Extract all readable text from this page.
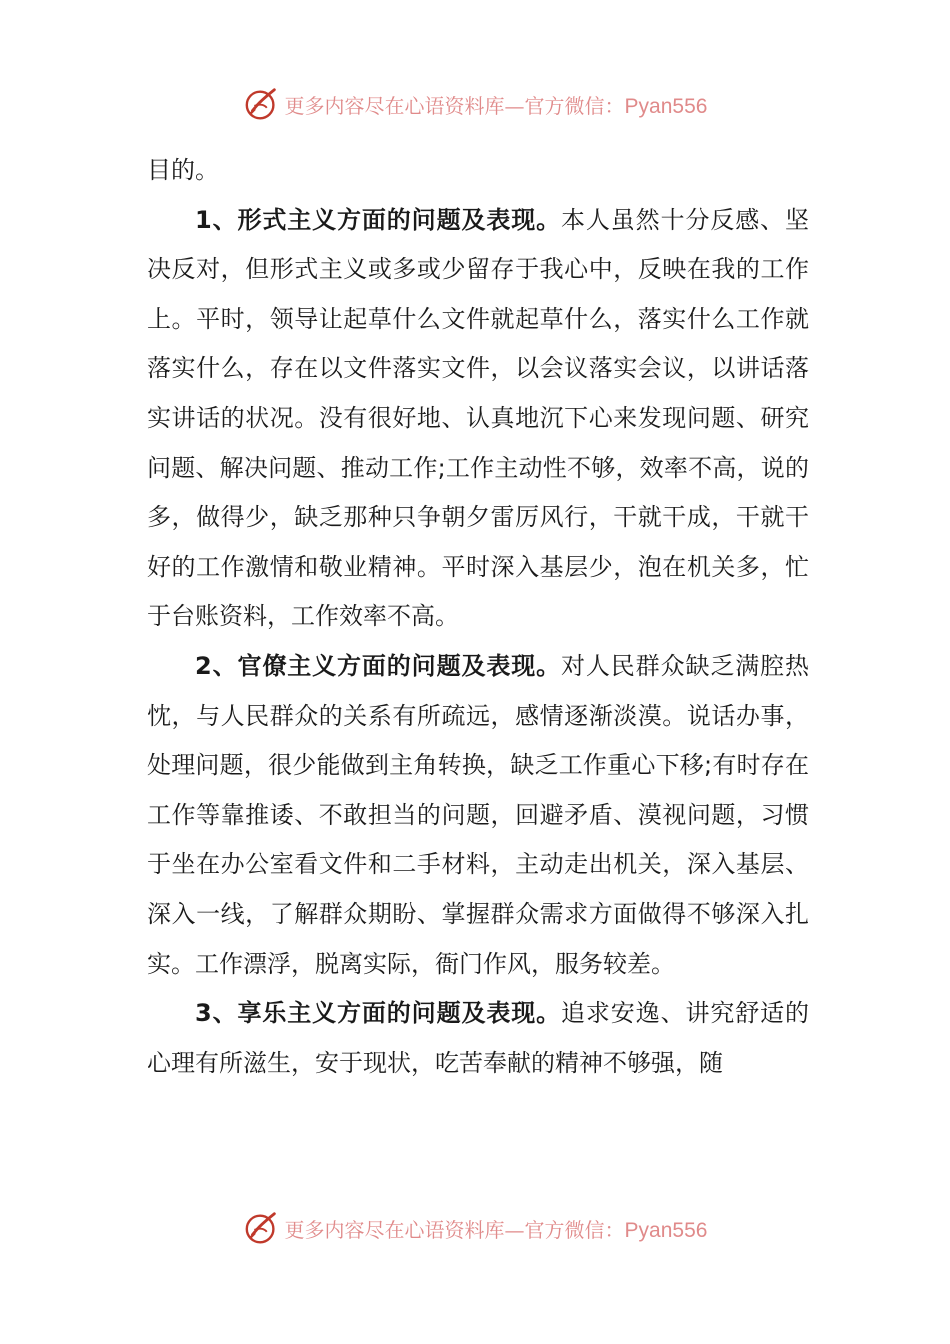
更多内容尽在心语资料库—官方微信：Pyan556

目的。

1、形式主义方面的问题及表现。本人虽然十分反感、坚决反对，但形式主义或多或少留存于我心中，反映在我的工作上。平时，领导让起草什么文件就起草什么，落实什么工作就落实什么，存在以文件落实文件，以会议落实会议，以讲话落实讲话的状况。没有很好地、认真地沉下心来发现问题、研究问题、解决问题、推动工作;工作主动性不够，效率不高，说的多，做得少，缺乏那种只争朝夕雷厉风行，干就干成，干就干好的工作激情和敬业精神。平时深入基层少，泡在机关多，忙于台账资料，工作效率不高。

2、官僚主义方面的问题及表现。对人民群众缺乏满腔热忱，与人民群众的关系有所疏远，感情逐渐淡漠。说话办事，处理问题，很少能做到主角转换，缺乏工作重心下移;有时存在工作等靠推诿、不敢担当的问题，回避矛盾、漠视问题，习惯于坐在办公室看文件和二手材料，主动走出机关，深入基层、深入一线，了解群众期盼、掌握群众需求方面做得不够深入扎实。工作漂浮，脱离实际，衙门作风，服务较差。

3、享乐主义方面的问题及表现。追求安逸、讲究舒适的心理有所滋生，安于现状，吃苦奉献的精神不够强，随

更多内容尽在心语资料库—官方微信：Pyan556
